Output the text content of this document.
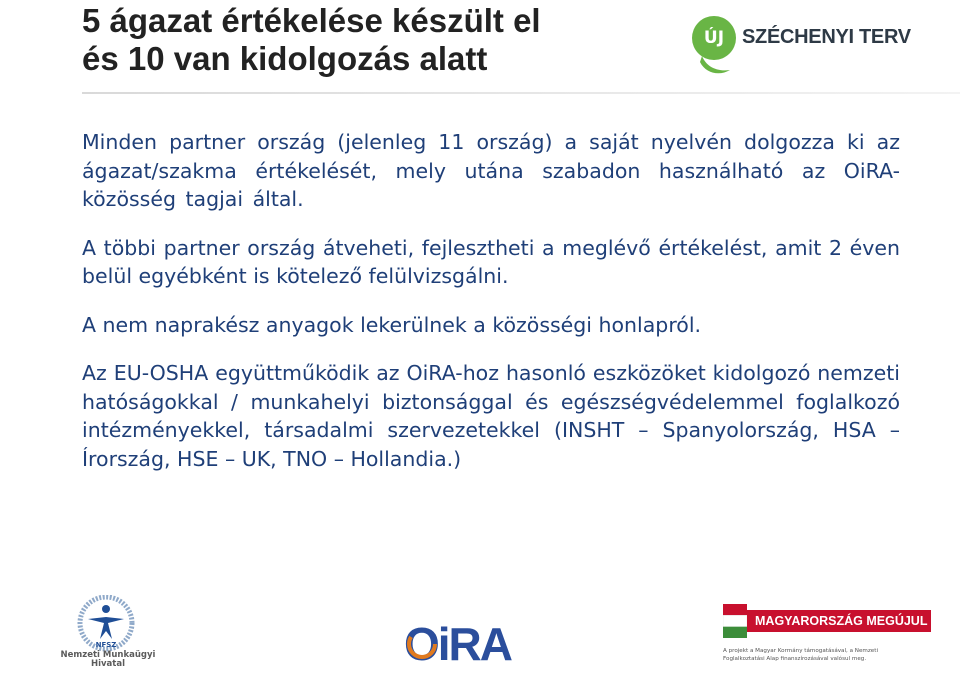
5 ágazat értékelése készült el
és 10 van kidolgozás alatt
ÚJ SZÉCHENYI TERV

Minden partner ország (jelenleg 11 ország) a saját nyelvén dolgozza ki az ágazat/szakma értékelését, mely utána szabadon használható az OiRA-közösség tagjai által.

A többi partner ország átveheti, fejlesztheti a meglévő értékelést, amit 2 éven belül egyébként is kötelező felülvizsgálni.

A nem naprakész anyagok lekerülnek a közösségi honlapról.

Az EU-OSHA együttműködik az OiRA-hoz hasonló eszközöket kidolgozó nemzeti hatóságokkal / munkahelyi biztonsággal és egészségvédelemmel foglalkozó intézményekkel, társadalmi szervezetekkel (INSHT – Spanyolország, HSA – Írország, HSE – UK, TNO – Hollandia.)

NFSZ
Nemzeti Munkaügyi Hivatal	OiRA	MAGYARORSZÁG MEGÚJUL
A projekt a Magyar Kormány támogatásával, a Nemzeti
Foglalkoztatási Alap finanszírozásával valósul meg.
